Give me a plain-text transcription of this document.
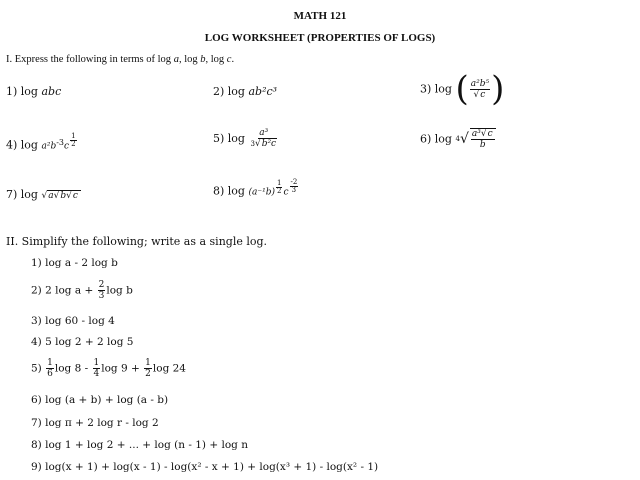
MATH 121
LOG WORKSHEET (PROPERTIES OF LOGS)
I. Express the following in terms of log a, log b, log c.
1) log abc	2) log ab²c³	3) log ( $\frac{\text{a²b⁵}}{√c}$ )
4) $\log a^2b^{-3}c \frac{1}{2}$	5) $\log \frac{\text{a³}}{\text{3√b²c}}$	6) $\log 4√ \frac{\text{a³√c}}{b}$
7) log √a√b√c	8) $\log (a^{-1}b) \frac{1}{2}$ c $\frac{-2}{3}$
II. Simplify the following; write as a single log.
1) log a - 2 log b
2) 2 $\log a + \frac{2}{3}$ log b
3) log 60 - log 4
4) 5 log 2 + 2 log 5
$5) \frac{1}{6}$ $\log 8 - \frac{1}{4}$ $\log 9 + \frac{1}{2}$ log 24
6) log (a + b) + log (a - b)
7) log π + 2 log r - log 2
8) log 1 + log 2 + ... + log (n - 1) + log n
9) log(x + 1) + log(x - 1) - log(x² - x + 1) + log(x³ + 1) - log(x² - 1)
